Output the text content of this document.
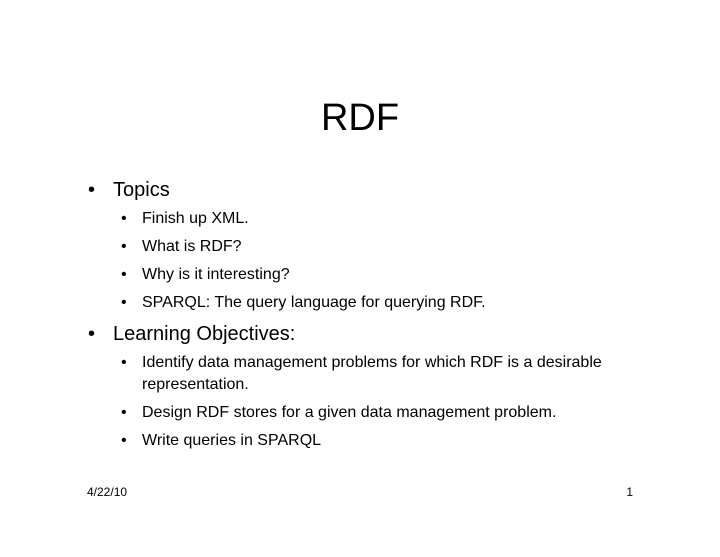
RDF
• Topics
• Finish up XML.
• What is RDF?
• Why is it interesting?
• SPARQL: The query language for querying RDF.
• Learning Objectives:
• Identify data management problems for which RDF is a desirable representation.
• Design RDF stores for a given data management problem.
• Write queries in SPARQL
4/22/10	1
